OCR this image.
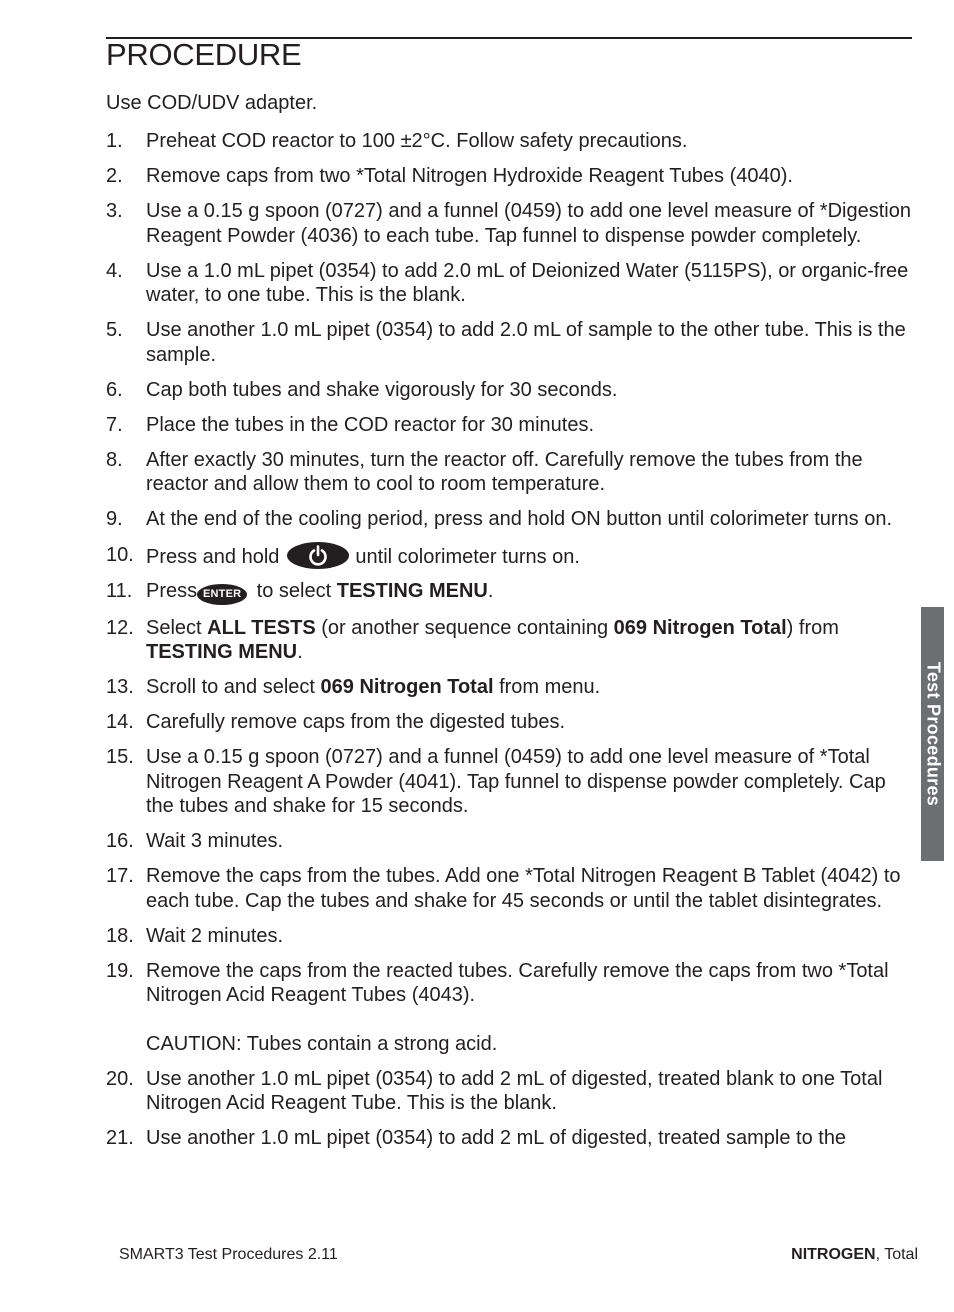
PROCEDURE
Use COD/UDV adapter.
1. Preheat COD reactor to 100 ±2°C. Follow safety precautions.
2. Remove caps from two *Total Nitrogen Hydroxide Reagent Tubes (4040).
3. Use a 0.15 g spoon (0727) and a funnel (0459) to add one level measure of *Digestion Reagent Powder (4036) to each tube. Tap funnel to dispense powder completely.
4. Use a 1.0 mL pipet (0354) to add 2.0 mL of Deionized Water (5115PS), or organic-free water, to one tube. This is the blank.
5. Use another 1.0 mL pipet (0354) to add 2.0 mL of sample to the other tube. This is the sample.
6. Cap both tubes and shake vigorously for 30 seconds.
7. Place the tubes in the COD reactor for 30 minutes.
8. After exactly 30 minutes, turn the reactor off. Carefully remove the tubes from the reactor and allow them to cool to room temperature.
9. At the end of the cooling period, press and hold ON button until colorimeter turns on.
10. Press and hold	until colorimeter turns on.
11. Press ENTER to select TESTING MENU.
12. Select ALL TESTS (or another sequence containing 069 Nitrogen Total) from TESTING MENU.
13. Scroll to and select 069 Nitrogen Total from menu.
14. Carefully remove caps from the digested tubes.
15. Use a 0.15 g spoon (0727) and a funnel (0459) to add one level measure of *Total Nitrogen Reagent A Powder (4041). Tap funnel to dispense powder completely. Cap the tubes and shake for 15 seconds.
16. Wait 3 minutes.
17. Remove the caps from the tubes. Add one *Total Nitrogen Reagent B Tablet (4042) to each tube. Cap the tubes and shake for 45 seconds or until the tablet disintegrates.
18. Wait 2 minutes.
19. Remove the caps from the reacted tubes. Carefully remove the caps from two *Total Nitrogen Acid Reagent Tubes (4043).
CAUTION: Tubes contain a strong acid.
20. Use another 1.0 mL pipet (0354) to add 2 mL of digested, treated blank to one Total Nitrogen Acid Reagent Tube. This is the blank.
21. Use another 1.0 mL pipet (0354) to add 2 mL of digested, treated sample to the
Test Procedures
SMART3 Test Procedures 2.11	NITROGEN, Total
